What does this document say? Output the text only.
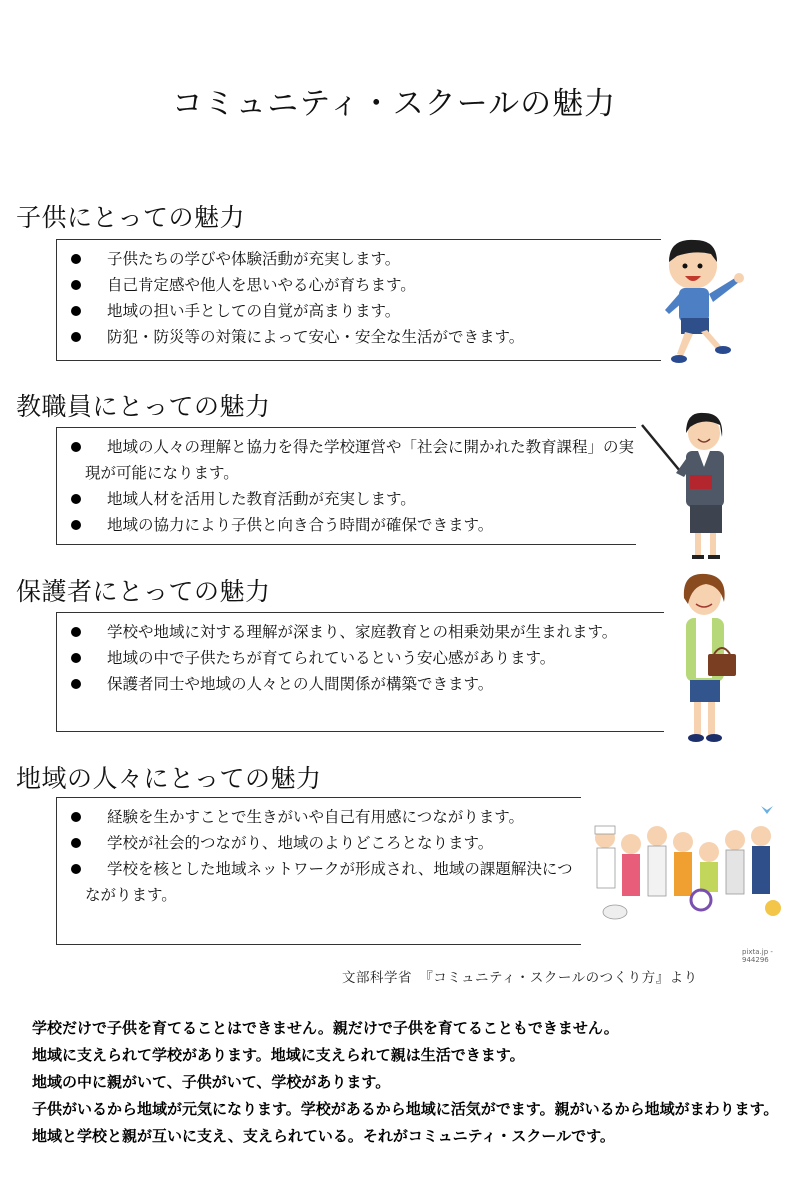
コミュニティ・スクールの魅力
子供にとっての魅力
子供たちの学びや体験活動が充実します。
自己肯定感や他人を思いやる心が育ちます。
地域の担い手としての自覚が高まります。
防犯・防災等の対策によって安心・安全な生活ができます。
教職員にとっての魅力
地域の人々の理解と協力を得た学校運営や「社会に開かれた教育課程」の実現が可能になります。
地域人材を活用した教育活動が充実します。
地域の協力により子供と向き合う時間が確保できます。
保護者にとっての魅力
学校や地域に対する理解が深まり、家庭教育との相乗効果が生まれます。
地域の中で子供たちが育てられているという安心感があります。
保護者同士や地域の人々との人間関係が構築できます。
地域の人々にとっての魅力
経験を生かすことで生きがいや自己有用感につながります。
学校が社会的つながり、地域のよりどころとなります。
学校を核とした地域ネットワークが形成され、地域の課題解決につながります。
pixta.jp - 944296
文部科学省　『コミュニティ・スクールのつくり方』より

学校だけで子供を育てることはできません。親だけで子供を育てることもできません。

地域に支えられて学校があります。地域に支えられて親は生活できます。

地域の中に親がいて、子供がいて、学校があります。

子供がいるから地域が元気になります。学校があるから地域に活気がでます。親がいるから地域がまわります。

地域と学校と親が互いに支え、支えられている。それがコミュニティ・スクールです。
